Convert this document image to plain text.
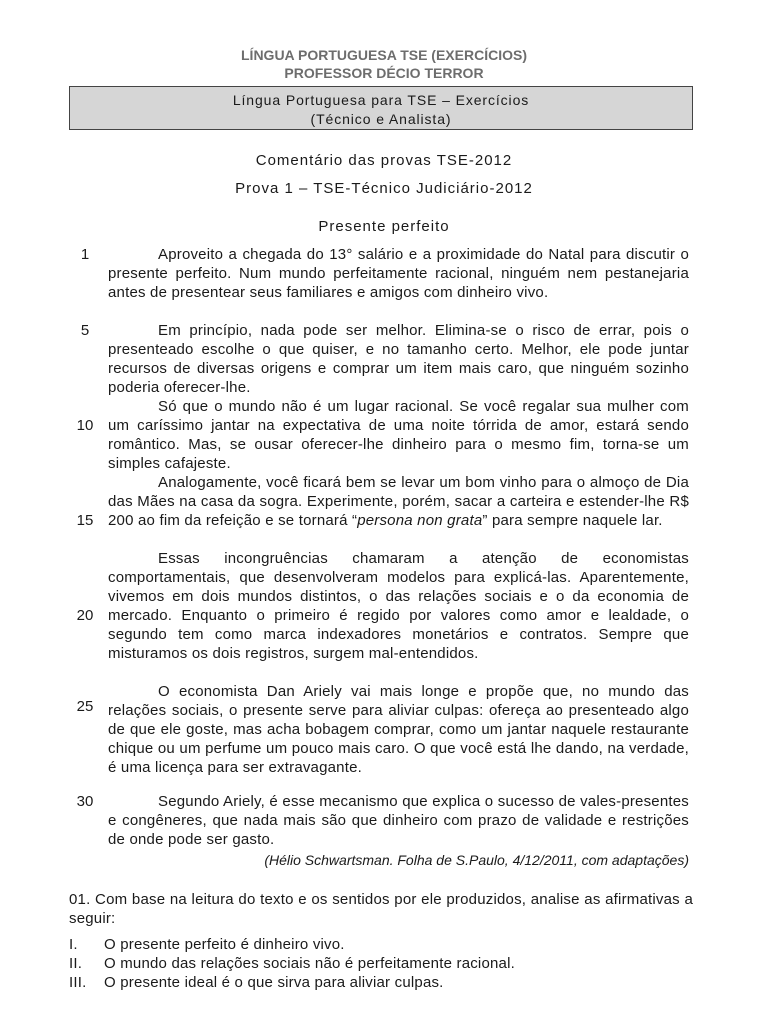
LÍNGUA PORTUGUESA TSE (EXERCÍCIOS)
PROFESSOR DÉCIO TERROR
Língua Portuguesa para TSE – Exercícios
(Técnico e Analista)
Comentário das provas TSE-2012
Prova 1 – TSE-Técnico Judiciário-2012
Presente perfeito
1
5
10
15
20
25
30
Aproveito a chegada do 13° salário e a proximidade do Natal para discutir o presente perfeito. Num mundo perfeitamente racional, ninguém nem pestanejaria antes de presentear seus familiares e amigos com dinheiro vivo.
Em princípio, nada pode ser melhor. Elimina-se o risco de errar, pois o presenteado escolhe o que quiser, e no tamanho certo. Melhor, ele pode juntar recursos de diversas origens e comprar um item mais caro, que ninguém sozinho poderia oferecer-lhe.
Só que o mundo não é um lugar racional. Se você regalar sua mulher com um caríssimo jantar na expectativa de uma noite tórrida de amor, estará sendo romântico. Mas, se ousar oferecer-lhe dinheiro para o mesmo fim, torna-se um simples cafajeste.
Analogamente, você ficará bem se levar um bom vinho para o almoço de Dia das Mães na casa da sogra. Experimente, porém, sacar a carteira e estender-lhe R$ 200 ao fim da refeição e se tornará “persona non grata” para sempre naquele lar.
Essas incongruências chamaram a atenção de economistas comportamentais, que desenvolveram modelos para explicá-las. Aparentemente, vivemos em dois mundos distintos, o das relações sociais e o da economia de mercado. Enquanto o primeiro é regido por valores como amor e lealdade, o segundo tem como marca indexadores monetários e contratos. Sempre que misturamos os dois registros, surgem mal-entendidos.
O economista Dan Ariely vai mais longe e propõe que, no mundo das relações sociais, o presente serve para aliviar culpas: ofereça ao presenteado algo de que ele goste, mas acha bobagem comprar, como um jantar naquele restaurante chique ou um perfume um pouco mais caro. O que você está lhe dando, na verdade, é uma licença para ser extravagante.
Segundo Ariely, é esse mecanismo que explica o sucesso de vales-presentes e congêneres, que nada mais são que dinheiro com prazo de validade e restrições de onde pode ser gasto.
(Hélio Schwartsman. Folha de S.Paulo, 4/12/2011, com adaptações)
01. Com base na leitura do texto e os sentidos por ele produzidos, analise as afirmativas a seguir:
I. O presente perfeito é dinheiro vivo.
II. O mundo das relações sociais não é perfeitamente racional.
III. O presente ideal é o que sirva para aliviar culpas.
